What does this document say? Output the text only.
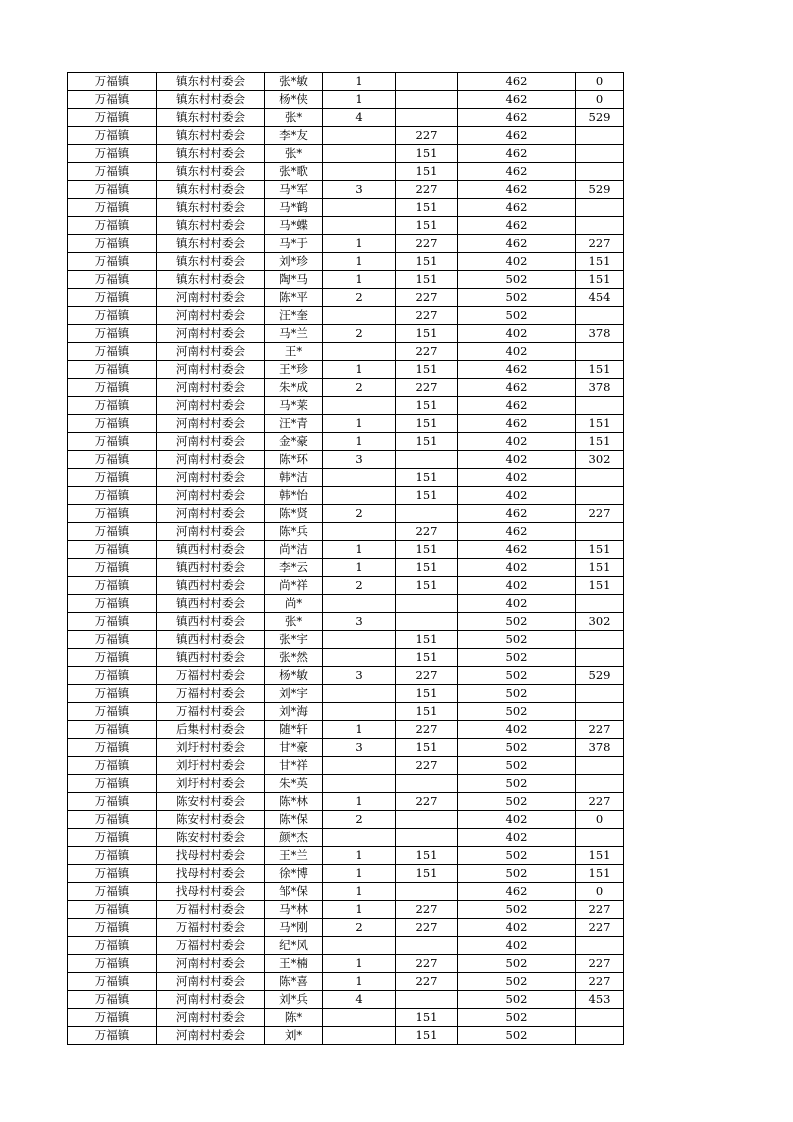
万福镇	镇东村村委会	张*敏	1		462	0
万福镇	镇东村村委会	杨*侠	1		462	0
万福镇	镇东村村委会	张*	4		462	529
万福镇	镇东村村委会	李*友		227	462	
万福镇	镇东村村委会	张*		151	462	
万福镇	镇东村村委会	张*歌		151	462	
万福镇	镇东村村委会	马*军	3	227	462	529
万福镇	镇东村村委会	马*鹤		151	462	
万福镇	镇东村村委会	马*蝶		151	462	
万福镇	镇东村村委会	马*于	1	227	462	227
万福镇	镇东村村委会	刘*珍	1	151	402	151
万福镇	镇东村村委会	陶*马	1	151	502	151
万福镇	河南村村委会	陈*平	2	227	502	454
万福镇	河南村村委会	汪*奎		227	502	
万福镇	河南村村委会	马*兰	2	151	402	378
万福镇	河南村村委会	王*		227	402	
万福镇	河南村村委会	王*珍	1	151	462	151
万福镇	河南村村委会	朱*成	2	227	462	378
万福镇	河南村村委会	马*莱		151	462	
万福镇	河南村村委会	汪*青	1	151	462	151
万福镇	河南村村委会	金*豪	1	151	402	151
万福镇	河南村村委会	陈*环	3		402	302
万福镇	河南村村委会	韩*洁		151	402	
万福镇	河南村村委会	韩*怡		151	402	
万福镇	河南村村委会	陈*贤	2		462	227
万福镇	河南村村委会	陈*兵		227	462	
万福镇	镇西村村委会	尚*洁	1	151	462	151
万福镇	镇西村村委会	李*云	1	151	402	151
万福镇	镇西村村委会	尚*祥	2	151	402	151
万福镇	镇西村村委会	尚*			402	
万福镇	镇西村村委会	张*	3		502	302
万福镇	镇西村村委会	张*宇		151	502	
万福镇	镇西村村委会	张*然		151	502	
万福镇	万福村村委会	杨*敏	3	227	502	529
万福镇	万福村村委会	刘*宇		151	502	
万福镇	万福村村委会	刘*海		151	502	
万福镇	后集村村委会	随*轩	1	227	402	227
万福镇	刘圩村村委会	甘*豪	3	151	502	378
万福镇	刘圩村村委会	甘*祥		227	502	
万福镇	刘圩村村委会	朱*英			502	
万福镇	陈安村村委会	陈*林	1	227	502	227
万福镇	陈安村村委会	陈*保	2		402	0
万福镇	陈安村村委会	颜*杰			402	
万福镇	找母村村委会	王*兰	1	151	502	151
万福镇	找母村村委会	徐*博	1	151	502	151
万福镇	找母村村委会	邹*保	1		462	0
万福镇	万福村村委会	马*林	1	227	502	227
万福镇	万福村村委会	马*刚	2	227	402	227
万福镇	万福村村委会	纪*风			402	
万福镇	河南村村委会	王*楠	1	227	502	227
万福镇	河南村村委会	陈*喜	1	227	502	227
万福镇	河南村村委会	刘*兵	4		502	453
万福镇	河南村村委会	陈*		151	502	
万福镇	河南村村委会	刘*		151	502	
